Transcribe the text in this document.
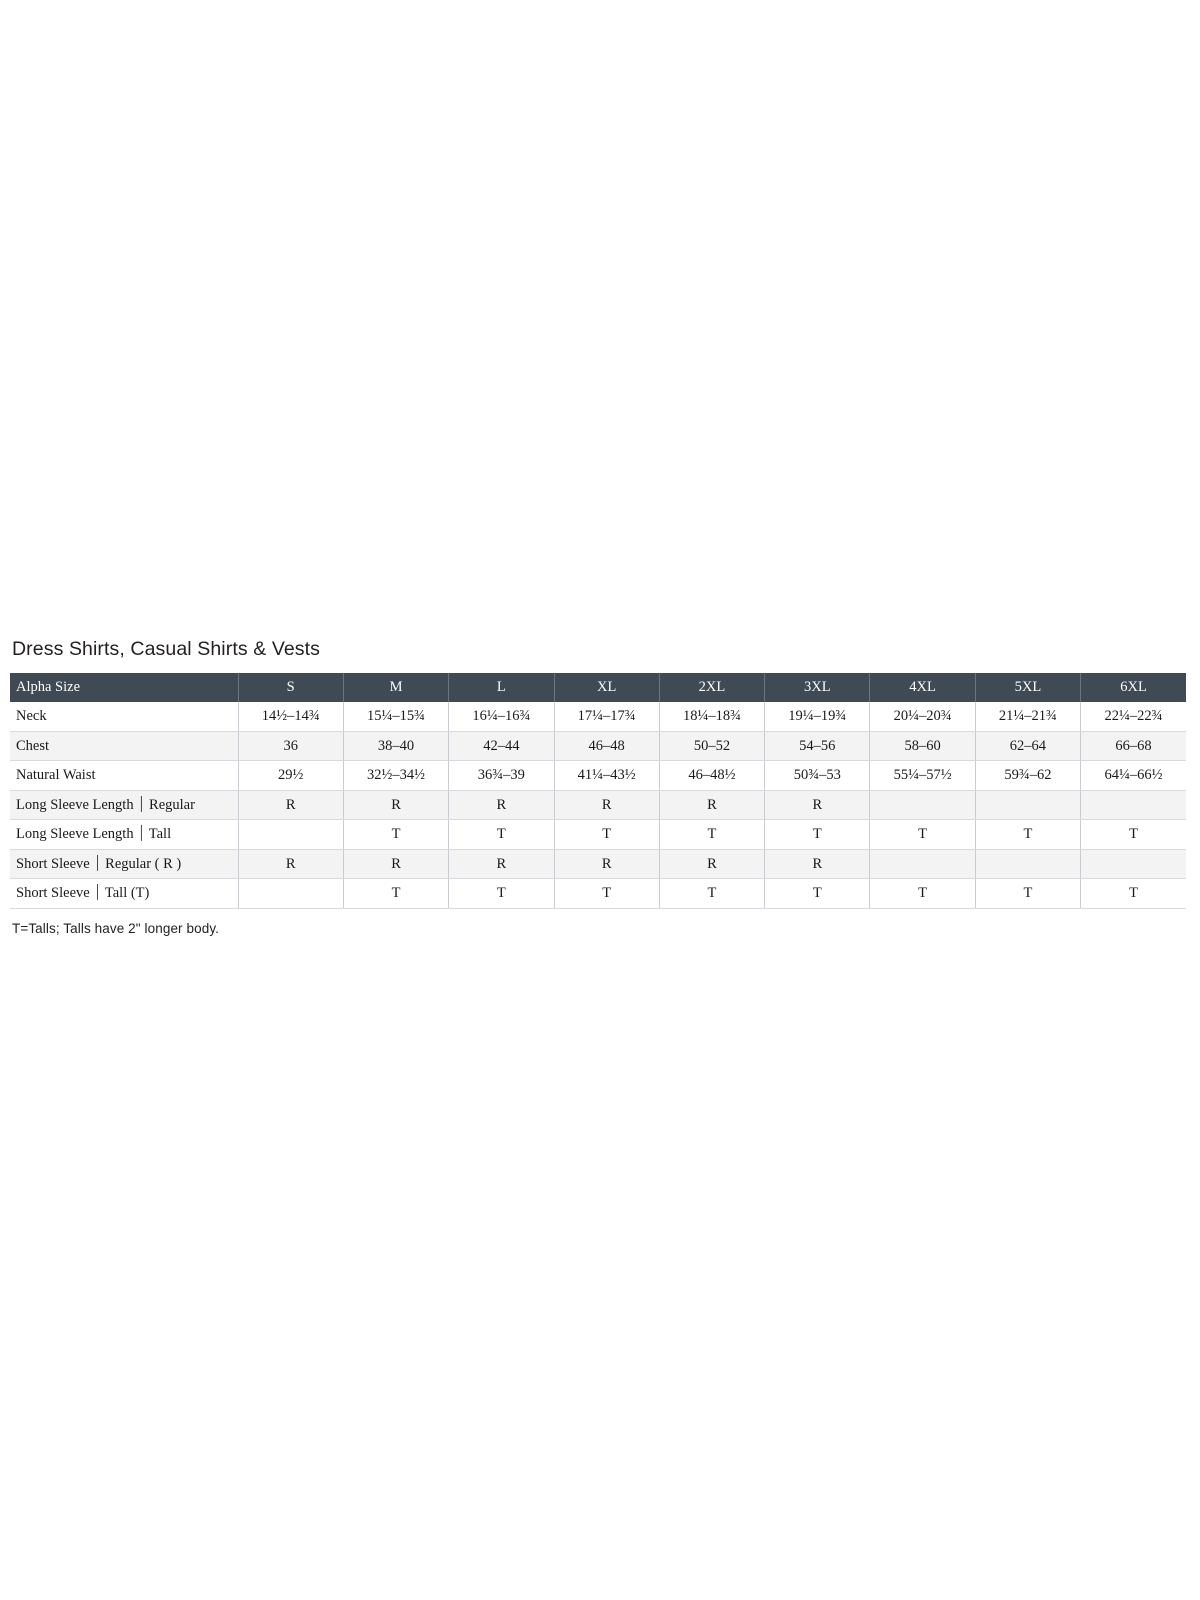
Dress Shirts, Casual Shirts & Vests
Alpha Size	S	M	L	XL	2XL	3XL	4XL	5XL	6XL
Neck	14½–14¾	15¼–15¾	16¼–16¾	17¼–17¾	18¼–18¾	19¼–19¾	20¼–20¾	21¼–21¾	22¼–22¾
Chest	36	38–40	42–44	46–48	50–52	54–56	58–60	62–64	66–68
Natural Waist	29½	32½–34½	36¾–39	41¼–43½	46–48½	50¾–53	55¼–57½	59¾–62	64¼–66½
Long Sleeve Length ⏐ Regular	R	R	R	R	R	R			
Long Sleeve Length ⏐ Tall		T	T	T	T	T	T	T	T
Short Sleeve ⏐ Regular ( R )	R	R	R	R	R	R			
Short Sleeve ⏐ Tall (T)		T	T	T	T	T	T	T	T
T=Talls; Talls have 2" longer body.
